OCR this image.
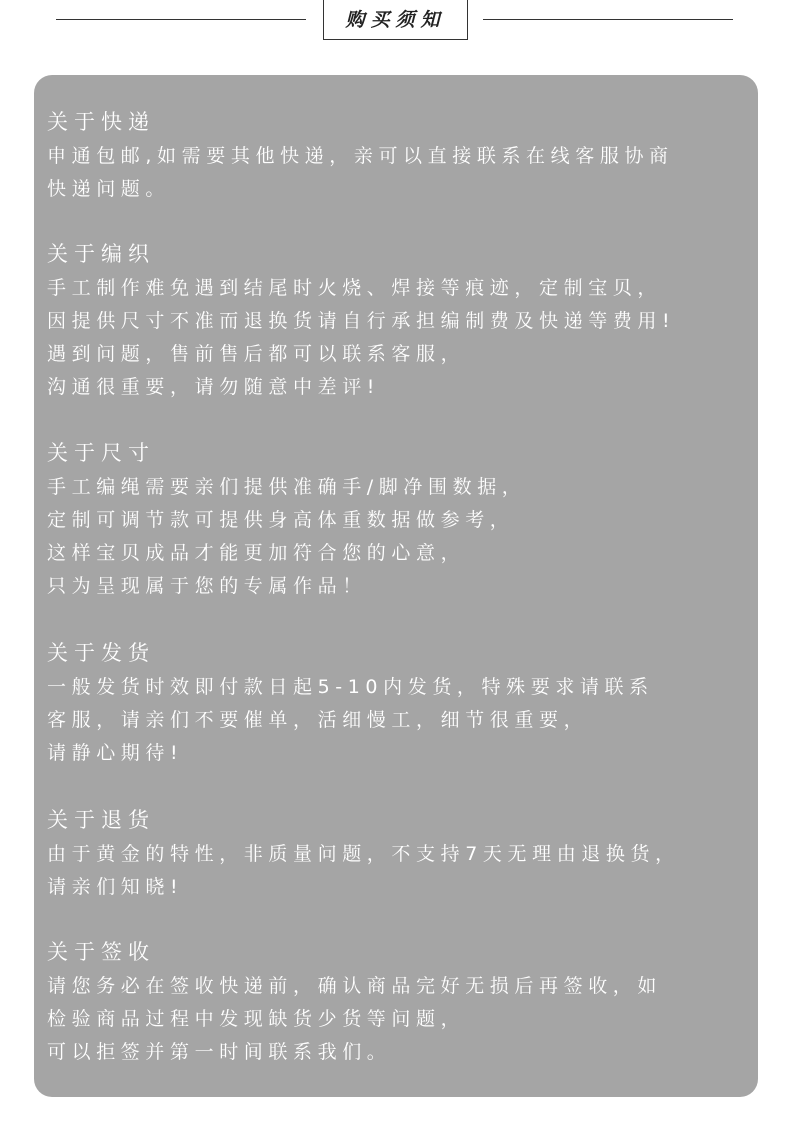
购买须知
关于快递
申通包邮,如需要其他快递，亲可以直接联系在线客服协商
快递问题。
关于编织
手工制作难免遇到结尾时火烧、焊接等痕迹，定制宝贝，
因提供尺寸不准而退换货请自行承担编制费及快递等费用!
遇到问题，售前售后都可以联系客服，
沟通很重要，请勿随意中差评!
关于尺寸
手工编绳需要亲们提供准确手/脚净围数据，
定制可调节款可提供身高体重数据做参考，
这样宝贝成品才能更加符合您的心意，
只为呈现属于您的专属作品！
关于发货
一般发货时效即付款日起5-10内发货，特殊要求请联系
客服，请亲们不要催单，活细慢工，细节很重要，
请静心期待!
关于退货
由于黄金的特性，非质量问题，不支持7天无理由退换货，
请亲们知晓!
关于签收
请您务必在签收快递前，确认商品完好无损后再签收，如
检验商品过程中发现缺货少货等问题，
可以拒签并第一时间联系我们。
